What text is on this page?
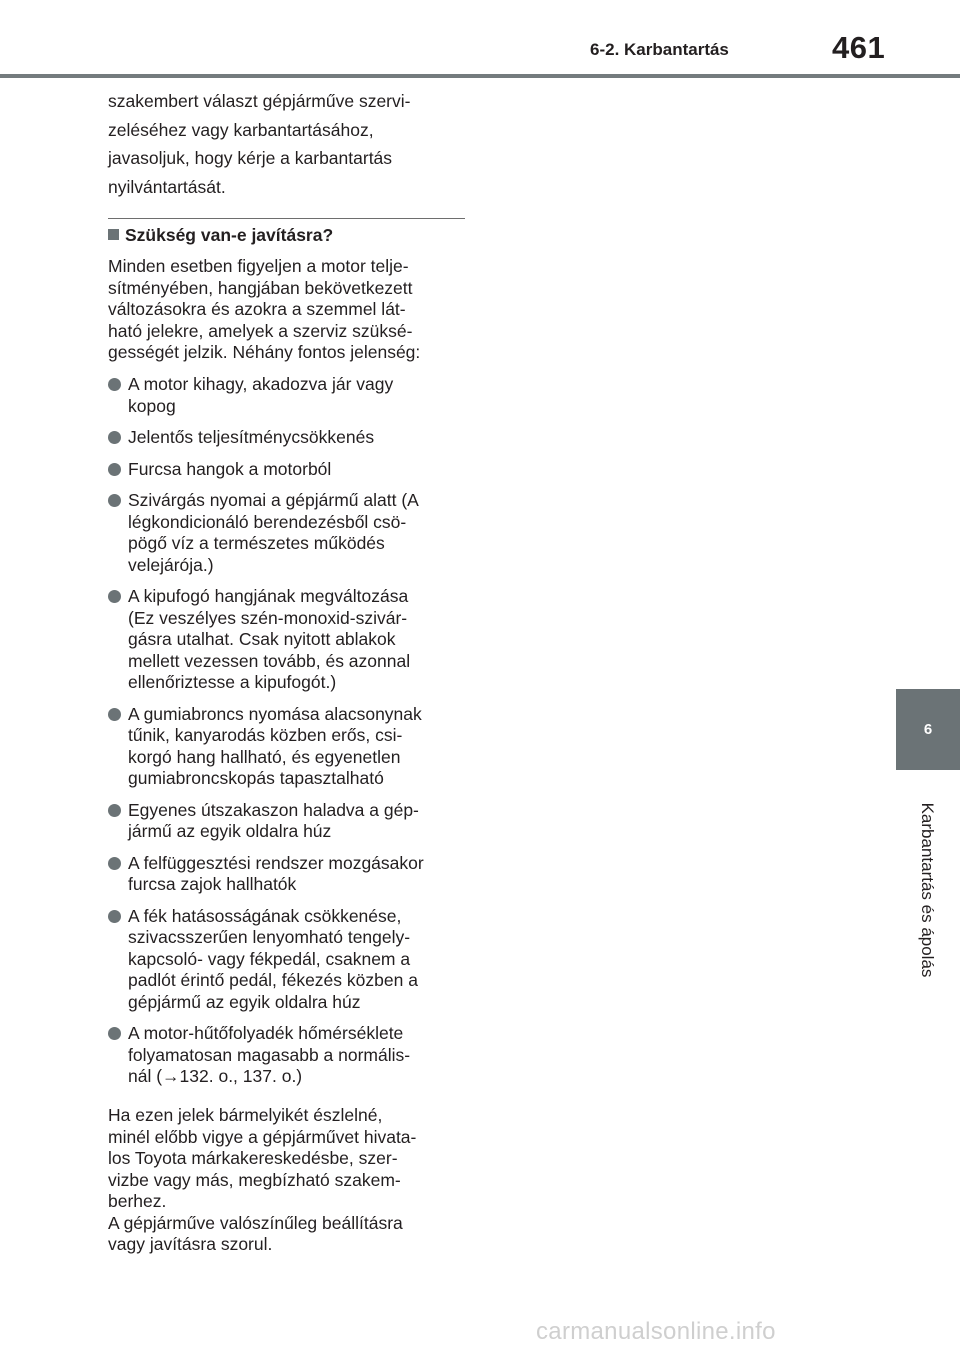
6-2. Karbantartás	461
6
Karbantartás és ápolás

szakembert választ gépjárműve szervi-

zeléséhez vagy karbantartásához,

javasoljuk, hogy kérje a karbantartás

nyilvántartását.

Szükség van-e javításra?

Minden esetben figyeljen a motor telje-

sítményében, hangjában bekövetkezett

változásokra és azokra a szemmel lát-

ható jelekre, amelyek a szerviz szüksé-

gességét jelzik. Néhány fontos jelenség:

A motor kihagy, akadozva jár vagy
kopog
Jelentős teljesítménycsökkenés
Furcsa hangok a motorból
Szivárgás nyomai a gépjármű alatt (A
légkondicionáló berendezésből csö-
pögő víz a természetes működés
velejárója.)
A kipufogó hangjának megváltozása
(Ez veszélyes szén-monoxid-szivár-
gásra utalhat. Csak nyitott ablakok
mellett vezessen tovább, és azonnal
ellenőriztesse a kipufogót.)
A gumiabroncs nyomása alacsonynak
tűnik, kanyarodás közben erős, csi-
korgó hang hallható, és egyenetlen
gumiabroncskopás tapasztalható
Egyenes útszakaszon haladva a gép-
jármű az egyik oldalra húz
A felfüggesztési rendszer mozgásakor
furcsa zajok hallhatók
A fék hatásosságának csökkenése,
szivacsszerűen lenyomható tengely-
kapcsoló- vagy fékpedál, csaknem a
padlót érintő pedál, fékezés közben a
gépjármű az egyik oldalra húz
A motor-hűtőfolyadék hőmérséklete
folyamatosan magasabb a normális-
nál (→132. o., 137. o.)

Ha ezen jelek bármelyikét észlelné,

minél előbb vigye a gépjárművet hivata-

los Toyota márkakereskedésbe, szer-

vizbe vagy más, megbízható szakem-

berhez.

A gépjárműve valószínűleg beállításra

vagy javításra szorul.

carmanualsonline.info
